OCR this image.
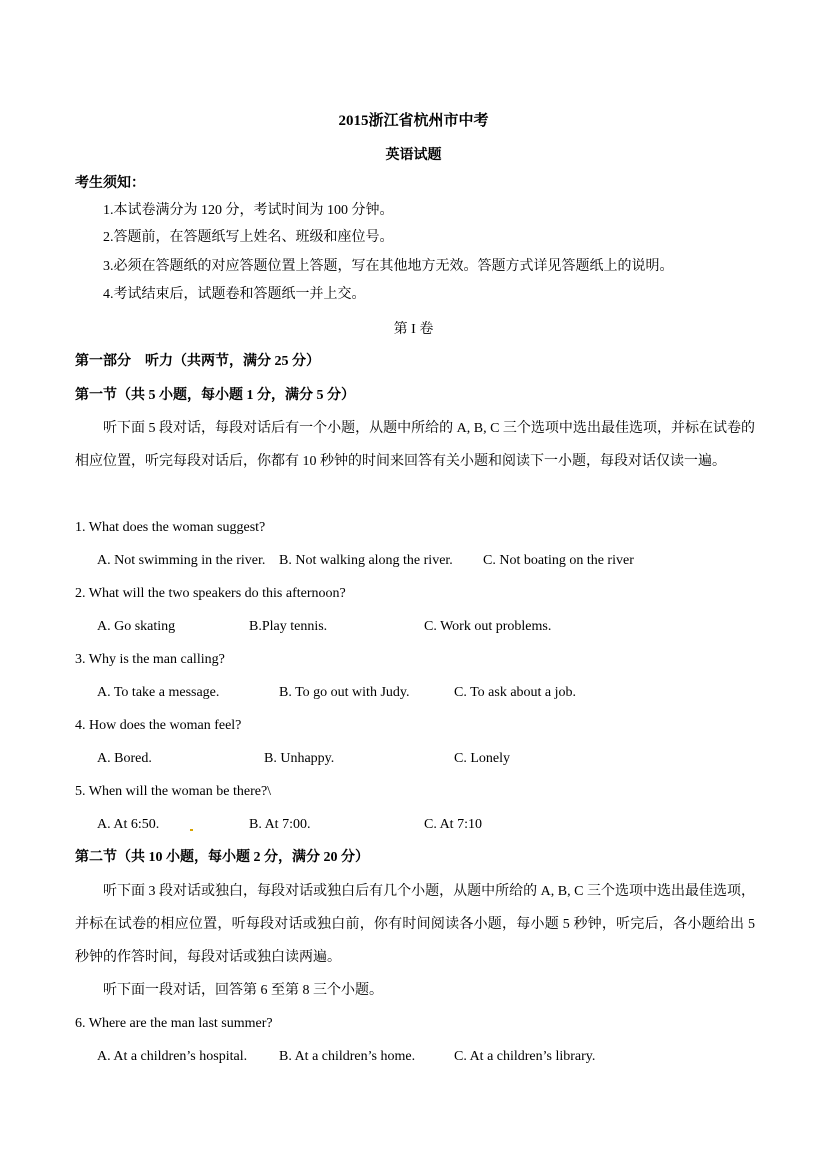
2015浙江省杭州市中考
英语试题
考生须知：
1.本试卷满分为 120 分，考试时间为 100 分钟。
2.答题前，在答题纸写上姓名、班级和座位号。
3.必须在答题纸的对应答题位置上答题，写在其他地方无效。答题方式详见答题纸上的说明。
4.考试结束后，试题卷和答题纸一并上交。
第 I 卷
第一部分　听力（共两节，满分 25 分）
第一节（共 5 小题，每小题 1 分，满分 5 分）
听下面 5 段对话，每段对话后有一个小题，从题中所给的 A, B, C 三个选项中选出最佳选项，并标在试卷的相应位置，听完每段对话后，你都有 10 秒钟的时间来回答有关小题和阅读下一小题，每段对话仅读一遍。
1. What does the woman suggest?
A. Not swimming in the river. B. Not walking along the river. C. Not boating on the river
2. What will the two speakers do this afternoon?
A. Go skating	B.Play tennis.	C. Work out problems.
3. Why is the man calling?
A. To take a message.	B. To go out with Judy.	C. To ask about a job.
4. How does the woman feel?
A. Bored.	B. Unhappy.	C. Lonely
5. When will the woman be there?\
A. At 6:50.	B. At 7:00.	C. At 7:10
第二节（共 10 小题，每小题 2 分，满分 20 分）
听下面 3 段对话或独白，每段对话或独白后有几个小题，从题中所给的 A, B, C 三个选项中选出最佳选项，并标在试卷的相应位置，听每段对话或独白前，你有时间阅读各小题，每小题 5 秒钟，听完后，各小题给出 5 秒钟的作答时间，每段对话或独白读两遍。
听下面一段对话，回答第 6 至第 8 三个小题。
6. Where are the man last summer?
A. At a children’s hospital. B. At a children’s home.	C. At a children’s library.
